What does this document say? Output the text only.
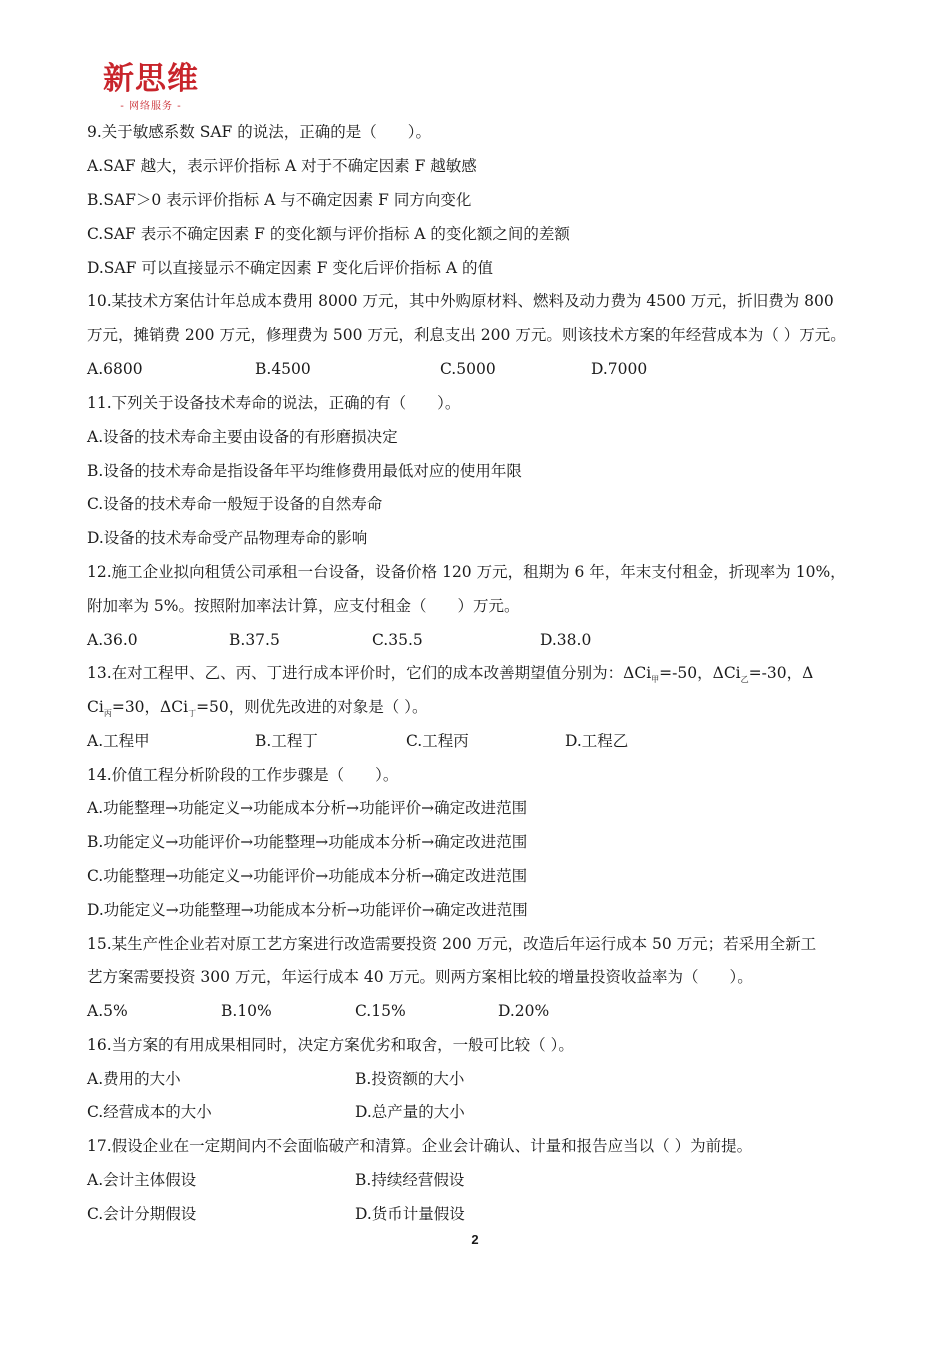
新思维
- 网络服务 -
9.关于敏感系数 SAF 的说法，正确的是（　　）。
A.SAF 越大，表示评价指标 A 对于不确定因素 F 越敏感
B.SAF＞0 表示评价指标 A 与不确定因素 F 同方向变化
C.SAF 表示不确定因素 F 的变化额与评价指标 A 的变化额之间的差额
D.SAF 可以直接显示不确定因素 F 变化后评价指标 A 的值
10.某技术方案估计年总成本费用 8000 万元，其中外购原材料、燃料及动力费为 4500 万元，折旧费为 800
万元，摊销费 200 万元，修理费为 500 万元，利息支出 200 万元。则该技术方案的年经营成本为（ ）万元。
A.6800	B.4500	C.5000	D.7000
11.下列关于设备技术寿命的说法，正确的有（　　）。
A.设备的技术寿命主要由设备的有形磨损决定
B.设备的技术寿命是指设备年平均维修费用最低对应的使用年限
C.设备的技术寿命一般短于设备的自然寿命
D.设备的技术寿命受产品物理寿命的影响
12.施工企业拟向租赁公司承租一台设备，设备价格 120 万元，租期为 6 年，年末支付租金，折现率为 10%，
附加率为 5%。按照附加率法计算，应支付租金（　　）万元。
A.36.0	B.37.5	C.35.5	D.38.0
13.在对工程甲、乙、丙、丁进行成本评价时，它们的成本改善期望值分别为：ΔCi$_甲$=-50，ΔCi$_乙$=-30，Δ
$Ci_丙=30$，ΔCi$_丁$=50，则优先改进的对象是（ ）。
A.工程甲	B.工程丁	C.工程丙	D.工程乙
14.价值工程分析阶段的工作步骤是（　　）。
A.功能整理→功能定义→功能成本分析→功能评价→确定改进范围
B.功能定义→功能评价→功能整理→功能成本分析→确定改进范围
C.功能整理→功能定义→功能评价→功能成本分析→确定改进范围
D.功能定义→功能整理→功能成本分析→功能评价→确定改进范围
15.某生产性企业若对原工艺方案进行改造需要投资 200 万元，改造后年运行成本 50 万元；若采用全新工
艺方案需要投资 300 万元，年运行成本 40 万元。则两方案相比较的增量投资收益率为（　　）。
A.5%	B.10%	C.15%	D.20%
16.当方案的有用成果相同时，决定方案优劣和取舍，一般可比较（ ）。
A.费用的大小	B.投资额的大小
C.经营成本的大小	D.总产量的大小
17.假设企业在一定期间内不会面临破产和清算。企业会计确认、计量和报告应当以（ ）为前提。
A.会计主体假设	B.持续经营假设
C.会计分期假设	D.货币计量假设
2
